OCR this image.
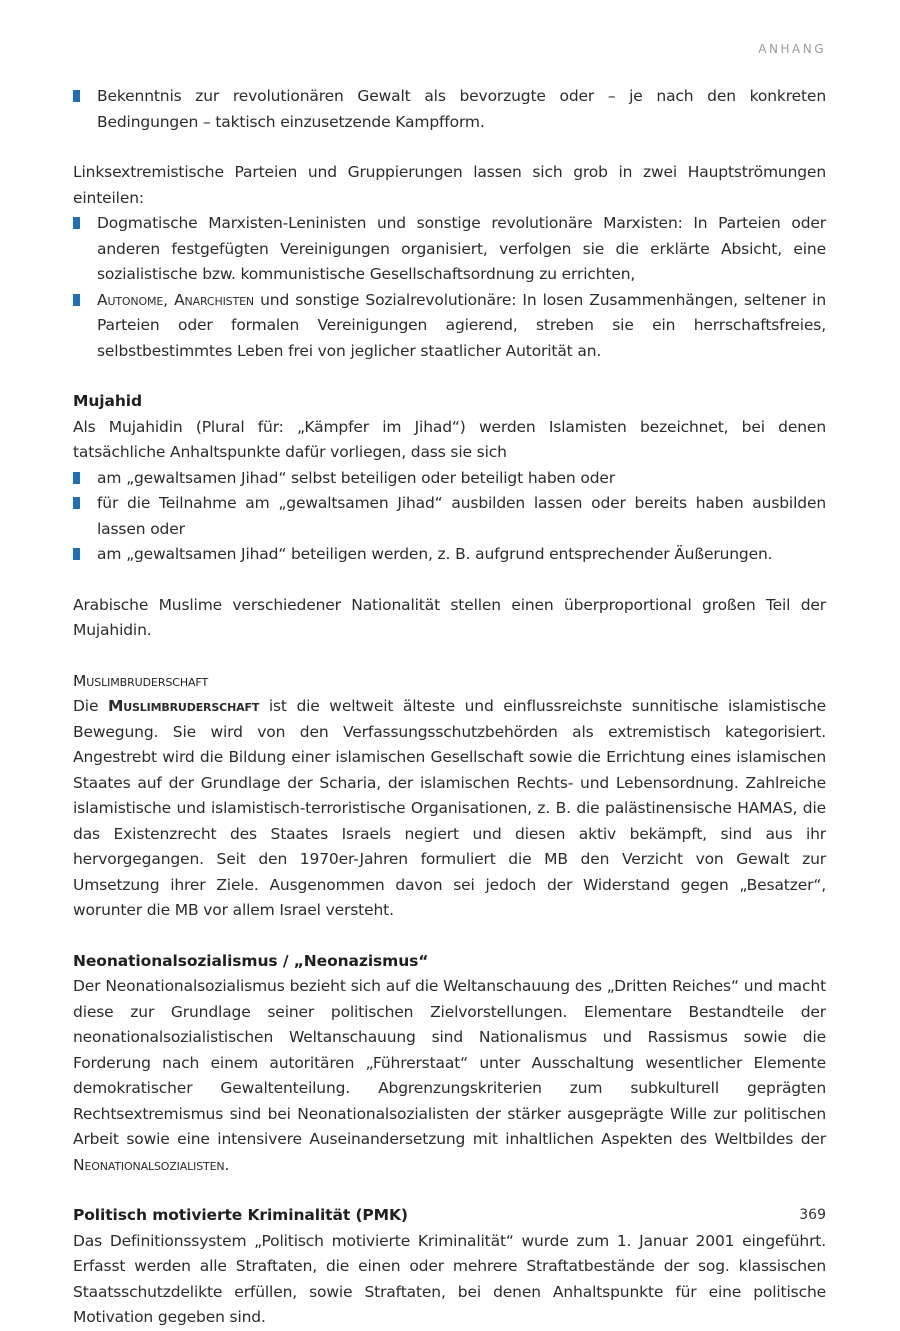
ANHANG
Bekenntnis zur revolutionären Gewalt als bevorzugte oder – je nach den konkreten Bedingungen – taktisch einzusetzende Kampfform.

Linksextremistische Parteien und Gruppierungen lassen sich grob in zwei Hauptströmungen einteilen:

Dogmatische Marxisten-Leninisten und sonstige revolutionäre Marxisten: In Parteien oder anderen festgefügten Vereinigungen organisiert, verfolgen sie die erklärte Absicht, eine sozialistische bzw. kommunistische Gesellschaftsordnung zu errichten,
Autonome, Anarchisten und sonstige Sozialrevolutionäre: In losen Zusammenhängen, seltener in Parteien oder formalen Vereinigungen agierend, streben sie ein herrschaftsfreies, selbstbestimmtes Leben frei von jeglicher staatlicher Autorität an.

Mujahid

Als Mujahidin (Plural für: „Kämpfer im Jihad“) werden Islamisten bezeichnet, bei denen tatsächliche Anhaltspunkte dafür vorliegen, dass sie sich

am „gewaltsamen Jihad“ selbst beteiligen oder beteiligt haben oder
für die Teilnahme am „gewaltsamen Jihad“ ausbilden lassen oder bereits haben ausbilden lassen oder
am „gewaltsamen Jihad“ beteiligen werden, z. B. aufgrund entsprechender Äußerungen.

Arabische Muslime verschiedener Nationalität stellen einen überproportional großen Teil der Mujahidin.

Muslimbruderschaft

Die Muslimbruderschaft ist die weltweit älteste und einflussreichste sunnitische islamistische Bewegung. Sie wird von den Verfassungsschutzbehörden als extremistisch kategorisiert. Angestrebt wird die Bildung einer islamischen Gesellschaft sowie die Errichtung eines islamischen Staates auf der Grundlage der Scharia, der islamischen Rechts- und Lebensordnung. Zahlreiche islamistische und islamistisch-terroristische Organisationen, z. B. die palästinensische HAMAS, die das Existenzrecht des Staates Israels negiert und diesen aktiv bekämpft, sind aus ihr hervorgegangen. Seit den 1970er-Jahren formuliert die MB den Verzicht von Gewalt zur Umsetzung ihrer Ziele. Ausgenommen davon sei jedoch der Widerstand gegen „Besatzer“, worunter die MB vor allem Israel versteht.

Neonationalsozialismus / „Neonazismus“

Der Neonationalsozialismus bezieht sich auf die Weltanschauung des „Dritten Reiches“ und macht diese zur Grundlage seiner politischen Zielvorstellungen. Elementare Bestandteile der neonationalsozialistischen Weltanschauung sind Nationalismus und Rassismus sowie die Forderung nach einem autoritären „Führerstaat“ unter Ausschaltung wesentlicher Elemente demokratischer Gewaltenteilung. Abgrenzungskriterien zum subkulturell geprägten Rechtsextremismus sind bei Neonationalsozialisten der stärker ausgeprägte Wille zur politischen Arbeit sowie eine intensivere Auseinandersetzung mit inhaltlichen Aspekten des Weltbildes der Neonationalsozialisten.

Politisch motivierte Kriminalität (PMK)

Das Definitionssystem „Politisch motivierte Kriminalität“ wurde zum 1. Januar 2001 eingeführt. Erfasst werden alle Straftaten, die einen oder mehrere Straftatbestände der sog. klassischen Staatsschutzdelikte erfüllen, sowie Straftaten, bei denen Anhaltspunkte für eine politische Motivation gegeben sind.

369
